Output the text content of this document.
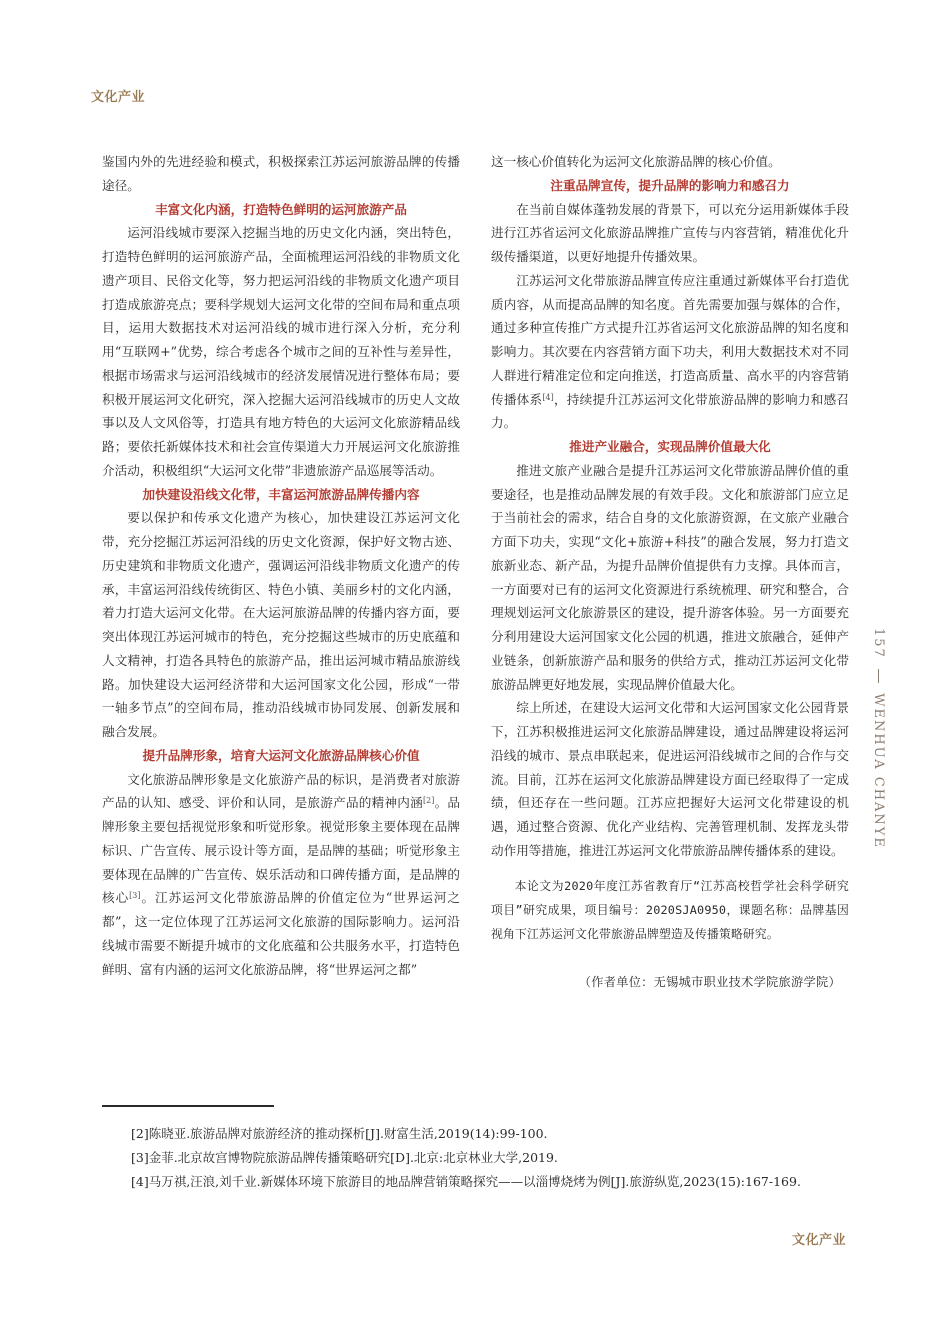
文化产业

鉴国内外的先进经验和模式，积极探索江苏运河旅游品牌的传播途径。

丰富文化内涵，打造特色鲜明的运河旅游产品

运河沿线城市要深入挖掘当地的历史文化内涵，突出特色，打造特色鲜明的运河旅游产品，全面梳理运河沿线的非物质文化遗产项目、民俗文化等，努力把运河沿线的非物质文化遗产项目打造成旅游亮点；要科学规划大运河文化带的空间布局和重点项目，运用大数据技术对运河沿线的城市进行深入分析，充分利用“互联网+”优势，综合考虑各个城市之间的互补性与差异性，根据市场需求与运河沿线城市的经济发展情况进行整体布局；要积极开展运河文化研究，深入挖掘大运河沿线城市的历史人文故事以及人文风俗等，打造具有地方特色的大运河文化旅游精品线路；要依托新媒体技术和社会宣传渠道大力开展运河文化旅游推介活动，积极组织“大运河文化带”非遗旅游产品巡展等活动。

加快建设沿线文化带，丰富运河旅游品牌传播内容

要以保护和传承文化遗产为核心，加快建设江苏运河文化带，充分挖掘江苏运河沿线的历史文化资源，保护好文物古迹、历史建筑和非物质文化遗产，强调运河沿线非物质文化遗产的传承，丰富运河沿线传统街区、特色小镇、美丽乡村的文化内涵，着力打造大运河文化带。在大运河旅游品牌的传播内容方面，要突出体现江苏运河城市的特色，充分挖掘这些城市的历史底蕴和人文精神，打造各具特色的旅游产品，推出运河城市精品旅游线路。加快建设大运河经济带和大运河国家文化公园，形成“一带一轴多节点”的空间布局，推动沿线城市协同发展、创新发展和融合发展。

提升品牌形象，培育大运河文化旅游品牌核心价值

文化旅游品牌形象是文化旅游产品的标识，是消费者对旅游产品的认知、感受、评价和认同，是旅游产品的精神内涵[2]。品牌形象主要包括视觉形象和听觉形象。视觉形象主要体现在品牌标识、广告宣传、展示设计等方面，是品牌的基础；听觉形象主要体现在品牌的广告宣传、娱乐活动和口碑传播方面，是品牌的核心[3]。江苏运河文化带旅游品牌的价值定位为“世界运河之都”，这一定位体现了江苏运河文化旅游的国际影响力。运河沿线城市需要不断提升城市的文化底蕴和公共服务水平，打造特色鲜明、富有内涵的运河文化旅游品牌，将“世界运河之都”

这一核心价值转化为运河文化旅游品牌的核心价值。

注重品牌宣传，提升品牌的影响力和感召力

在当前自媒体蓬勃发展的背景下，可以充分运用新媒体手段进行江苏省运河文化旅游品牌推广宣传与内容营销，精准优化升级传播渠道，以更好地提升传播效果。

江苏运河文化带旅游品牌宣传应注重通过新媒体平台打造优质内容，从而提高品牌的知名度。首先需要加强与媒体的合作，通过多种宣传推广方式提升江苏省运河文化旅游品牌的知名度和影响力。其次要在内容营销方面下功夫，利用大数据技术对不同人群进行精准定位和定向推送，打造高质量、高水平的内容营销传播体系[4]，持续提升江苏运河文化带旅游品牌的影响力和感召力。

推进产业融合，实现品牌价值最大化

推进文旅产业融合是提升江苏运河文化带旅游品牌价值的重要途径，也是推动品牌发展的有效手段。文化和旅游部门应立足于当前社会的需求，结合自身的文化旅游资源，在文旅产业融合方面下功夫，实现“文化+旅游+科技”的融合发展，努力打造文旅新业态、新产品，为提升品牌价值提供有力支撑。具体而言，一方面要对已有的运河文化资源进行系统梳理、研究和整合，合理规划运河文化旅游景区的建设，提升游客体验。另一方面要充分利用建设大运河国家文化公园的机遇，推进文旅融合，延伸产业链条，创新旅游产品和服务的供给方式，推动江苏运河文化带旅游品牌更好地发展，实现品牌价值最大化。

综上所述，在建设大运河文化带和大运河国家文化公园背景下，江苏积极推进运河文化旅游品牌建设，通过品牌建设将运河沿线的城市、景点串联起来，促进运河沿线城市之间的合作与交流。目前，江苏在运河文化旅游品牌建设方面已经取得了一定成绩，但还存在一些问题。江苏应把握好大运河文化带建设的机遇，通过整合资源、优化产业结构、完善管理机制、发挥龙头带动作用等措施，推进江苏运河文化带旅游品牌传播体系的建设。

本论文为2020年度江苏省教育厅“江苏高校哲学社会科学研究项目”研究成果，项目编号：2020SJA0950，课题名称：品牌基因视角下江苏运河文化带旅游品牌塑造及传播策略研究。

（作者单位：无锡城市职业技术学院旅游学院）

157  WENHUA CHANYE
[2]陈晓亚.旅游品牌对旅游经济的推动探析[J].财富生活,2019(14):99-100.
[3]金菲.北京故宫博物院旅游品牌传播策略研究[D].北京:北京林业大学,2019.
[4]马万祺,汪浪,刘千业.新媒体环境下旅游目的地品牌营销策略探究——以淄博烧烤为例[J].旅游纵览,2023(15):167-169.
文化产业
